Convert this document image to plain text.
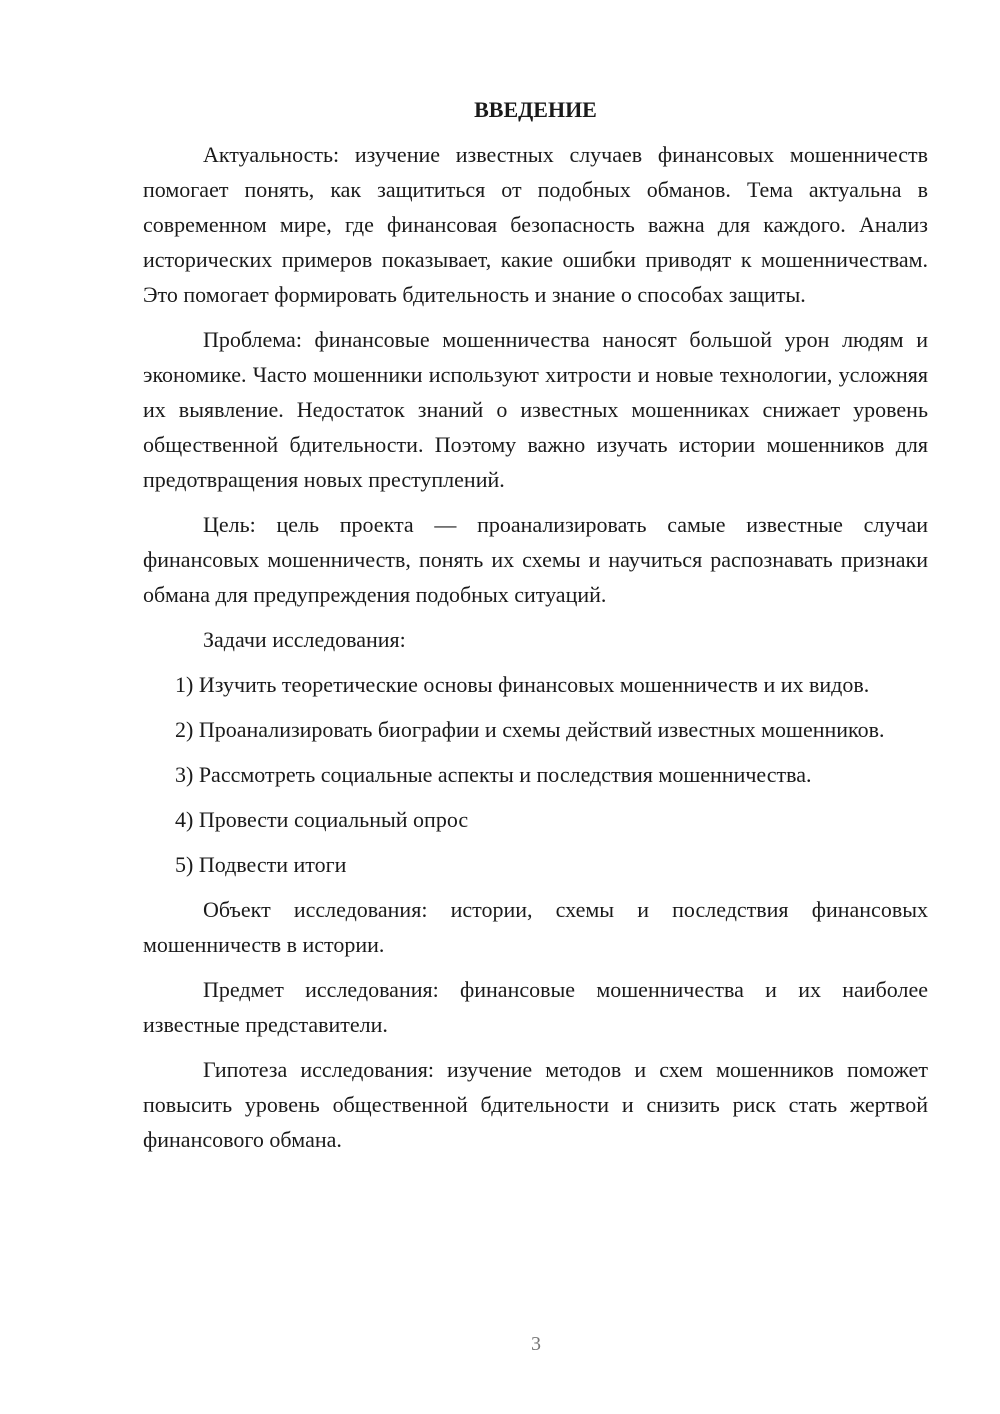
ВВЕДЕНИЕ

Актуальность: изучение известных случаев финансовых мошенничеств помогает понять, как защититься от подобных обманов. Тема актуальна в современном мире, где финансовая безопасность важна для каждого. Анализ исторических примеров показывает, какие ошибки приводят к мошенничествам. Это помогает формировать бдительность и знание о способах защиты.

Проблема: финансовые мошенничества наносят большой урон людям и экономике. Часто мошенники используют хитрости и новые технологии, усложняя их выявление. Недостаток знаний о известных мошенниках снижает уровень общественной бдительности. Поэтому важно изучать истории мошенников для предотвращения новых преступлений.

Цель: цель проекта — проанализировать самые известные случаи финансовых мошенничеств, понять их схемы и научиться распознавать признаки обмана для предупреждения подобных ситуаций.

Задачи исследования:

1) Изучить теоретические основы финансовых мошенничеств и их видов.

2) Проанализировать биографии и схемы действий известных мошенников.

3) Рассмотреть социальные аспекты и последствия мошенничества.

4) Провести социальный опрос

5) Подвести итоги

Объект исследования: истории, схемы и последствия финансовых мошенничеств в истории.

Предмет исследования: финансовые мошенничества и их наиболее известные представители.

Гипотеза исследования: изучение методов и схем мошенников поможет повысить уровень общественной бдительности и снизить риск стать жертвой финансового обмана.

3
